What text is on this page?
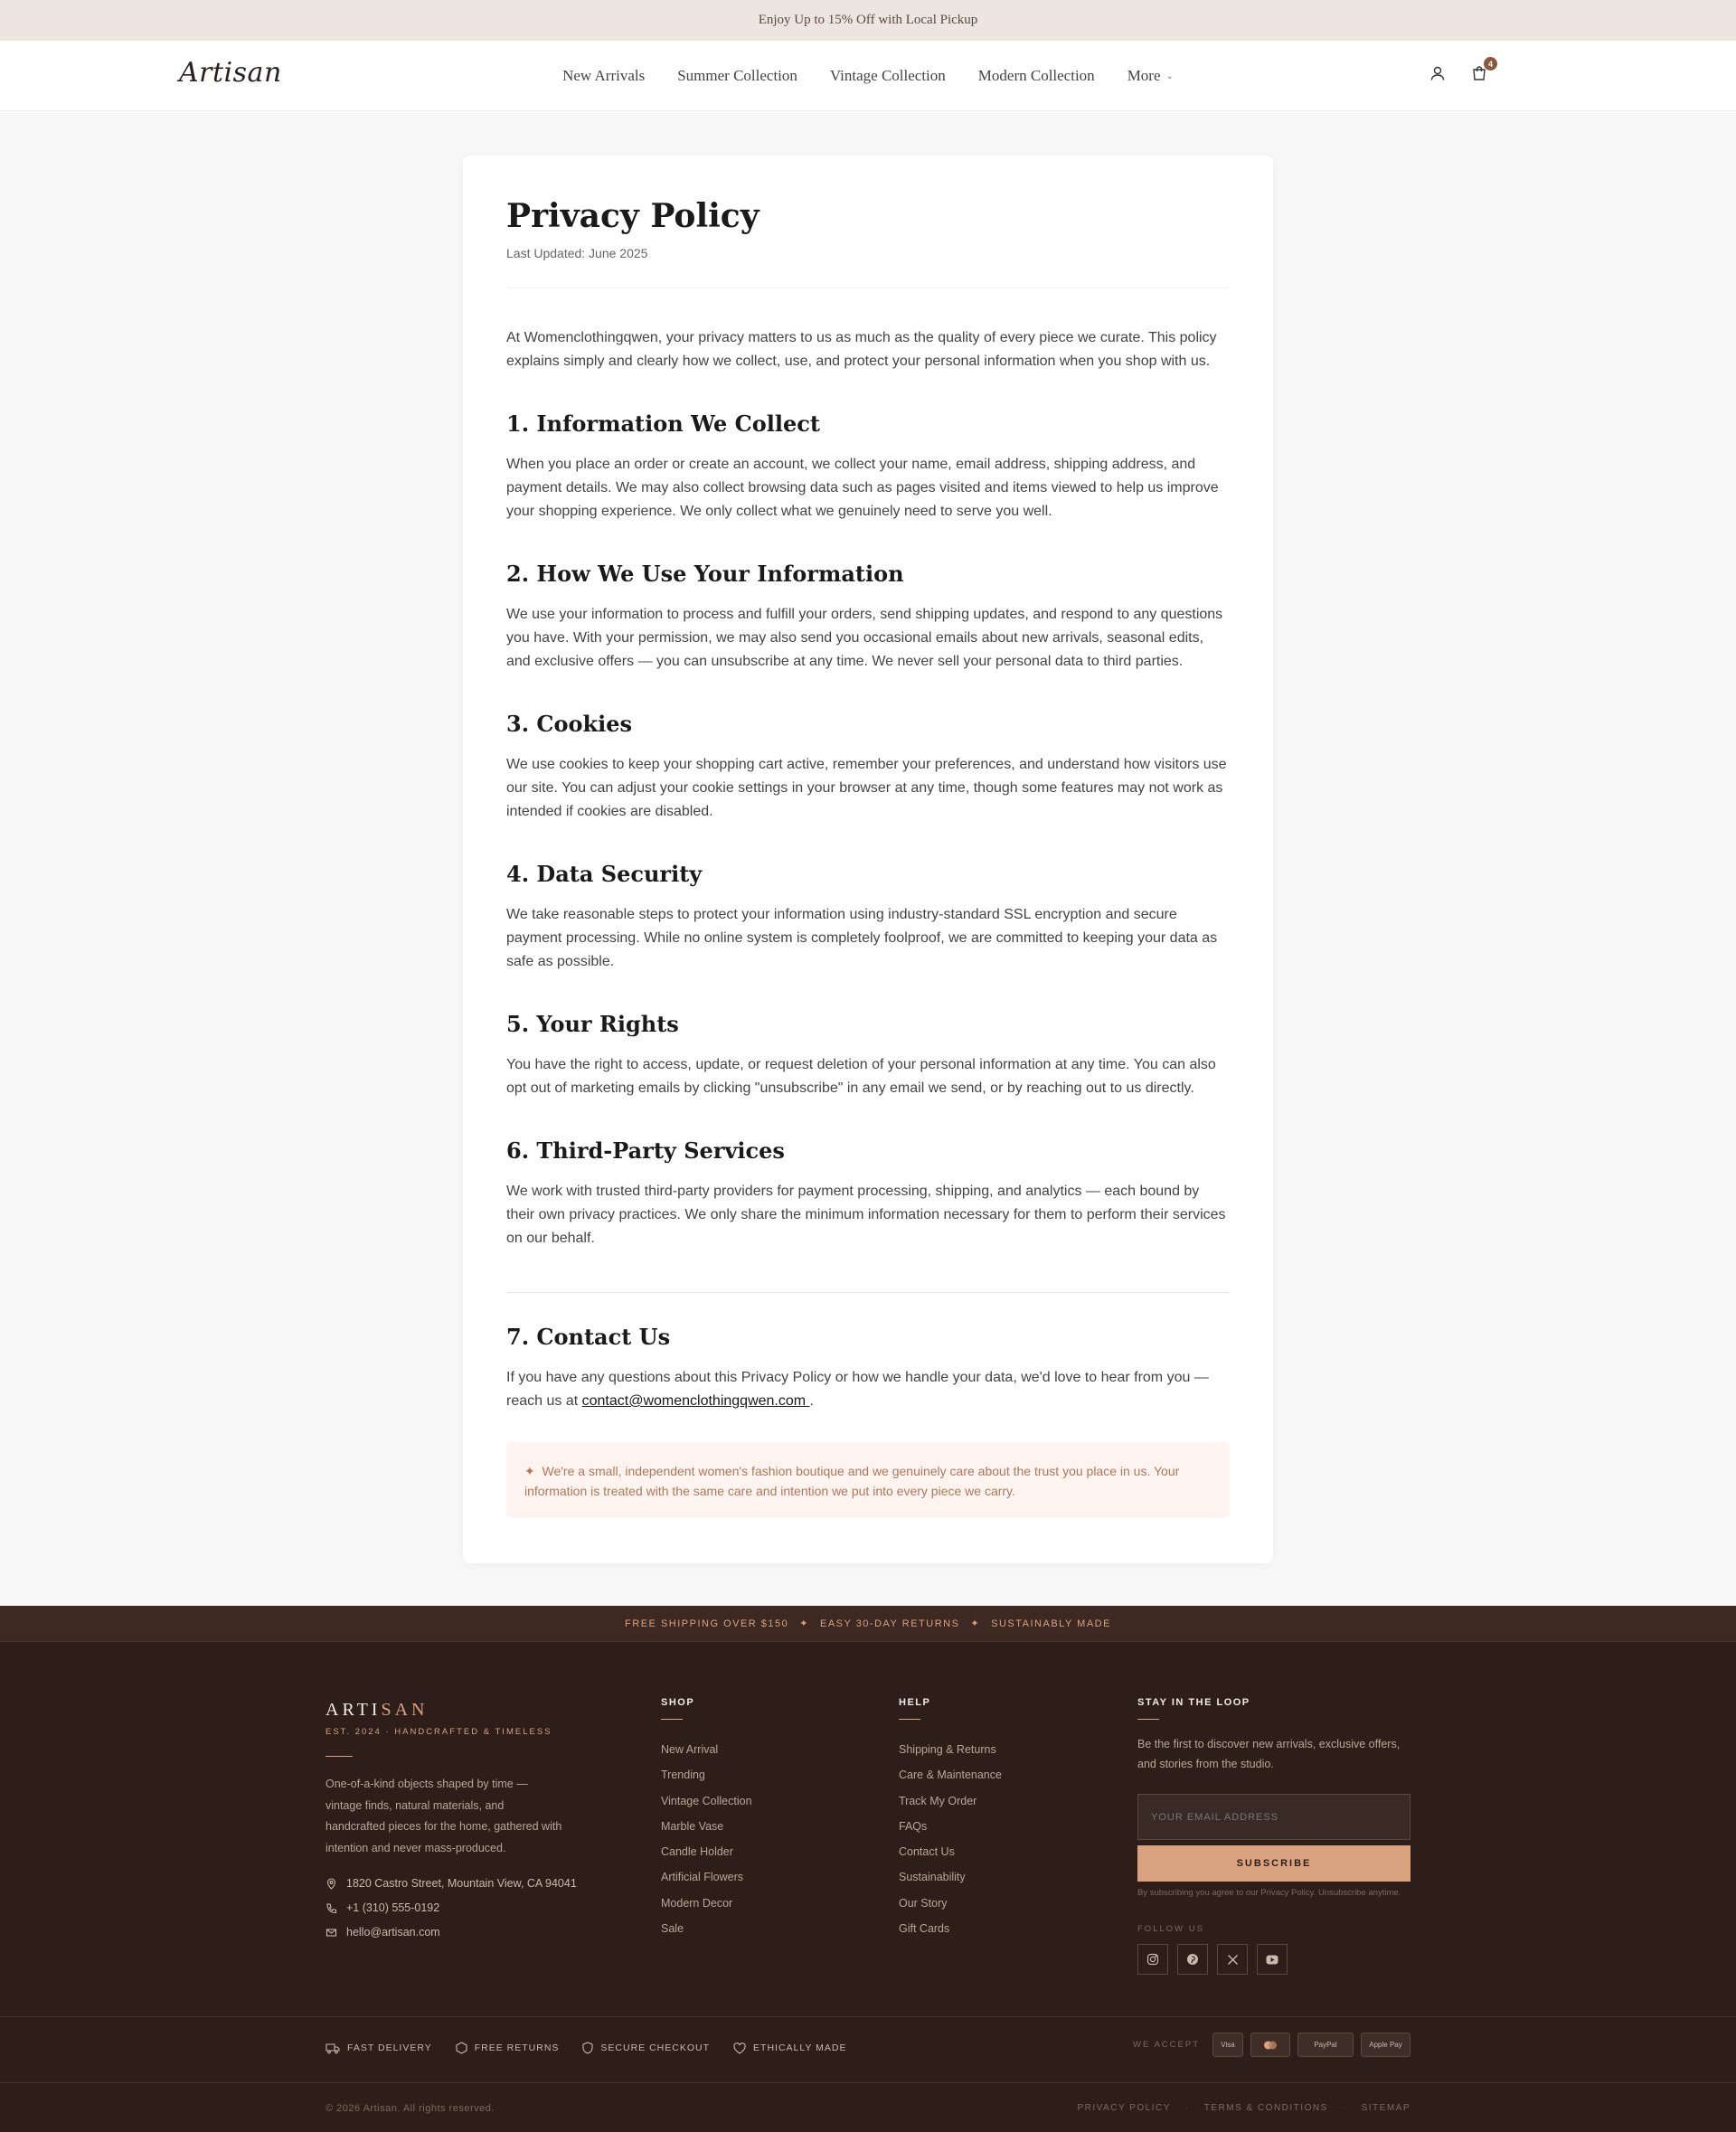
Enjoy Up to 15% Off with Local Pickup
Artisan	New Arrivals Summer Collection Vintage Collection Modern Collection More ⌄
4
Privacy Policy
Last Updated: June 2025

At Womenclothingqwen, your privacy matters to us as much as the quality of every piece we curate. This policy explains simply and clearly how we collect, use, and protect your personal information when you shop with us.

1. Information We Collect

When you place an order or create an account, we collect your name, email address, shipping address, and payment details. We may also collect browsing data such as pages visited and items viewed to help us improve your shopping experience. We only collect what we genuinely need to serve you well.

2. How We Use Your Information

We use your information to process and fulfill your orders, send shipping updates, and respond to any questions you have. With your permission, we may also send you occasional emails about new arrivals, seasonal edits, and exclusive offers — you can unsubscribe at any time. We never sell your personal data to third parties.

3. Cookies

We use cookies to keep your shopping cart active, remember your preferences, and understand how visitors use our site. You can adjust your cookie settings in your browser at any time, though some features may not work as intended if cookies are disabled.

4. Data Security

We take reasonable steps to protect your information using industry-standard SSL encryption and secure payment processing. While no online system is completely foolproof, we are committed to keeping your data as safe as possible.

5. Your Rights

You have the right to access, update, or request deletion of your personal information at any time. You can also opt out of marketing emails by clicking "unsubscribe" in any email we send, or by reaching out to us directly.

6. Third-Party Services

We work with trusted third-party providers for payment processing, shipping, and analytics — each bound by their own privacy practices. We only share the minimum information necessary for them to perform their services on our behalf.

7. Contact Us

If you have any questions about this Privacy Policy or how we handle your data, we'd love to hear from you — reach us at contact@womenclothingqwen.com .

✦ We're a small, independent women's fashion boutique and we genuinely care about the trust you place in us. Your information is treated with the same care and intention we put into every piece we carry.
FREE SHIPPING OVER $150 ✦ EASY 30-DAY RETURNS ✦ SUSTAINABLY MADE
ARTISAN
EST. 2024 · HANDCRAFTED & TIMELESS
One-of-a-kind objects shaped by time — vintage finds, natural materials, and handcrafted pieces for the home, gathered with intention and never mass-produced.
1820 Castro Street, Mountain View, CA 94041
+1 (310) 555-0192
hello@artisan.com
SHOP
New Arrival
Trending
Vintage Collection
Marble Vase
Candle Holder
Artificial Flowers
Modern Decor
Sale
HELP
Shipping & Returns
Care & Maintenance
Track My Order
FAQs
Contact Us
Sustainability
Our Story
Gift Cards
STAY IN THE LOOP
Be the first to discover new arrivals, exclusive offers, and stories from the studio.
YOUR EMAIL ADDRESS
SUBSCRIBE
By subscribing you agree to our Privacy Policy. Unsubscribe anytime.
FOLLOW US
FAST DELIVERY	FREE RETURNS	SECURE CHECKOUT	ETHICALLY MADE	WE ACCEPT	Visa	PayPal	Apple Pay
© 2026 Artisan. All rights reserved.	PRIVACY POLICY · TERMS & CONDITIONS · SITEMAP
